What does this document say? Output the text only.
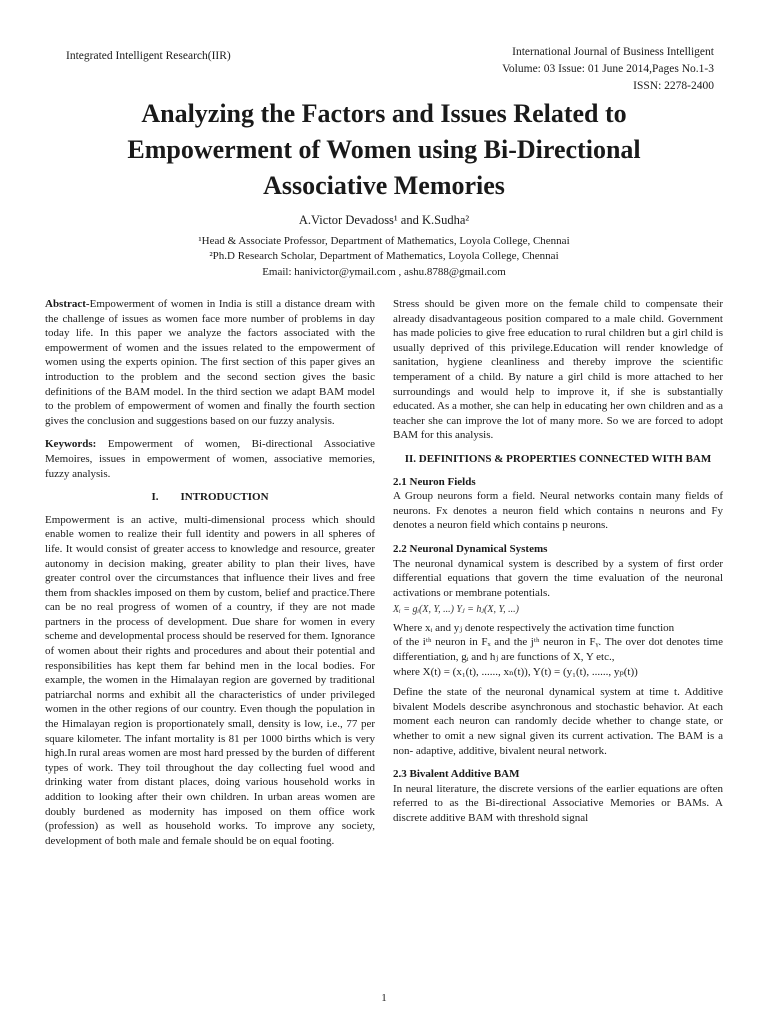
Integrated Intelligent Research(IIR)	International Journal of Business Intelligent
Volume: 03 Issue: 01 June 2014,Pages No.1-3
ISSN: 2278-2400
Analyzing the Factors and Issues Related to
Empowerment of Women using Bi-Directional
Associative Memories
A.Victor Devadoss¹ and K.Sudha²
¹Head & Associate Professor, Department of Mathematics, Loyola College, Chennai
²Ph.D Research Scholar, Department of Mathematics, Loyola College, Chennai
Email: hanivictor@ymail.com , ashu.8788@gmail.com

Abstract-Empowerment of women in India is still a distance dream with the challenge of issues as women face more number of problems in day today life. In this paper we analyze the factors associated with the empowerment of women and the issues related to the empowerment of women using the experts opinion. The first section of this paper gives an introduction to the problem and the second section gives the basic definitions of the BAM model. In the third section we adapt BAM model to the problem of empowerment of women and finally the fourth section gives the conclusion and suggestions based on our fuzzy analysis.

Keywords: Empowerment of women, Bi-directional Associative Memoires, issues in empowerment of women, associative memories, fuzzy analysis.

I.        INTRODUCTION

Empowerment is an active, multi-dimensional process which should enable women to realize their full identity and powers in all spheres of life. It would consist of greater access to knowledge and resource, greater autonomy in decision making, greater ability to plan their lives, have greater control over the circumstances that influence their lives and free them from shackles imposed on them by custom, belief and practice.There can be no real progress of women of a country, if they are not made partners in the process of development. Due share for women in every scheme and developmental process should be reserved for them. Ignorance of women about their rights and procedures and about their potential and responsibilities has kept them far behind men in the local bodies. For example, the women in the Himalayan region are governed by traditional patriarchal norms and exhibit all the characteristics of under privileged women in the other regions of our country. Even though the population in the Himalayan region is proportionately small, density is low, i.e., 77 per square kilometer. The infant mortality is 81 per 1000 births which is very high.In rural areas women are most hard pressed by the burden of different types of work. They toil throughout the day collecting fuel wood and drinking water from distant places, doing various household works in addition to looking after their own children. In urban areas women are doubly burdened as modernity has imposed on them office work (profession) as well as household works. To improve any society, development of both male and female should be on equal footing.

Stress should be given more on the female child to compensate their already disadvantageous position compared to a male child. Government has made policies to give free education to rural children but a girl child is usually deprived of this privilege.Education will render knowledge of sanitation, hygiene cleanliness and thereby improve the scientific temperament of a child. By nature a girl child is more attached to her surroundings and would help to improve it, if she is substantially educated. As a mother, she can help in educating her own children and as a teacher she can improve the lot of many more. So we are forced to adopt BAM for this analysis.

II. DEFINITIONS & PROPERTIES CONNECTED WITH BAM
2.1 Neuron Fields

A Group neurons form a field. Neural networks contain many fields of neurons. Fx denotes a neuron field which contains n neurons and Fy denotes a neuron field which contains p neurons.

2.2 Neuronal Dynamical Systems

The neuronal dynamical system is described by a system of first order differential equations that govern the time evaluation of the neuronal activations or membrane potentials.

Xᵢ = gᵢ(X, Y, ...) Yⱼ = hⱼ(X, Y, ...)
Where xᵢ and yⱼ denote respectively the activation time function
of the iᵗʰ neuron in Fₓ and the jᵗʰ neuron in Fᵧ. The over dot denotes time differentiation, gᵢ and hⱼ are functions of X, Y etc.,

where X(t) = (x₁(t), ......, xₙ(t)), Y(t) = (y₁(t), ......, yₚ(t))

Define the state of the neuronal dynamical system at time t. Additive bivalent Models describe asynchronous and stochastic behavior. At each moment each neuron can randomly decide whether to change state, or whether to omit a new signal given its current activation. The BAM is a non- adaptive, additive, bivalent neural network.

2.3 Bivalent Additive BAM

In neural literature, the discrete versions of the earlier equations are often referred to as the Bi-directional Associative Memories or BAMs. A discrete additive BAM with threshold signal

1
